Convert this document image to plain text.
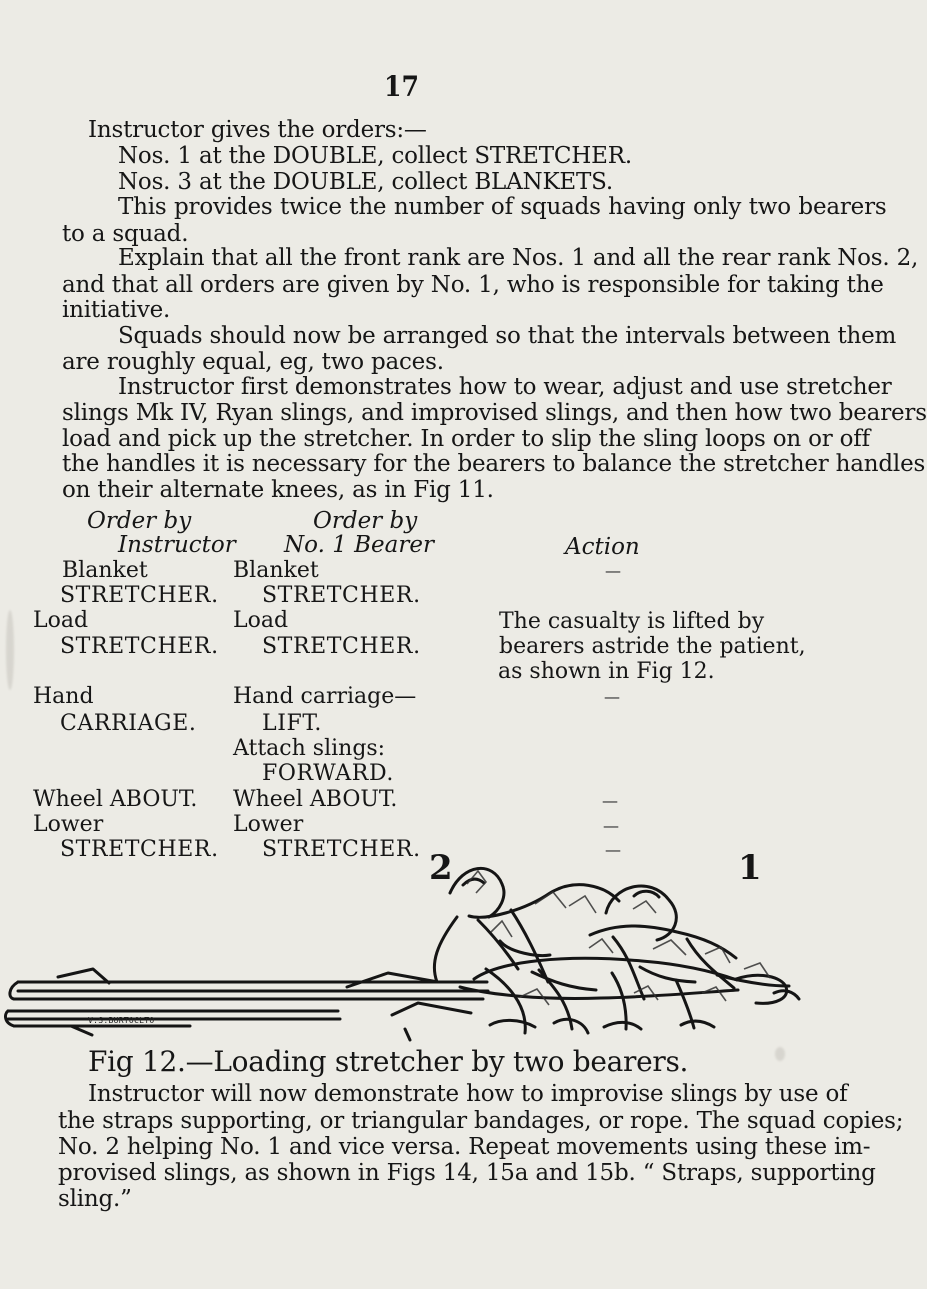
17
Instructor gives the orders:—
Nos. 1 at the DOUBLE, collect STRETCHER.
Nos. 3 at the DOUBLE, collect BLANKETS.
This provides twice the number of squads having only two bearers
to a squad.
Explain that all the front rank are Nos. 1 and all the rear rank Nos. 2,
and that all orders are given by No. 1, who is responsible for taking the
initiative.
Squads should now be arranged so that the intervals between them
are roughly equal, eg, two paces.
Instructor first demonstrates how to wear, adjust and use stretcher
slings Mk IV, Ryan slings, and improvised slings, and then how two bearers
load and pick up the stretcher. In order to slip the sling loops on or off
the handles it is necessary for the bearers to balance the stretcher handles
on their alternate knees, as in Fig 11.
Order by
Instructor
Order by
No. 1 Bearer	Action
Blanket
STRETCHER.
Load
STRETCHER.
Hand
CARRIAGE.
Wheel ABOUT.
Lower
STRETCHER.
Blanket
STRETCHER.
Load
STRETCHER.
Hand carriage—
LIFT.
Attach slings:
FORWARD.
Wheel ABOUT.
Lower
STRETCHER.
—
The casualty is lifted by
bearers astride the patient,
as shown in Fig 12.
—
—
—
—
2	1
V.S.BURTOCLTO
Fig 12.—Loading stretcher by two bearers.
Instructor will now demonstrate how to improvise slings by use of
the straps supporting, or triangular bandages, or rope. The squad copies;
No. 2 helping No. 1 and vice versa. Repeat movements using these im-
provised slings, as shown in Figs 14, 15a and 15b. “ Straps, supporting
sling.”
